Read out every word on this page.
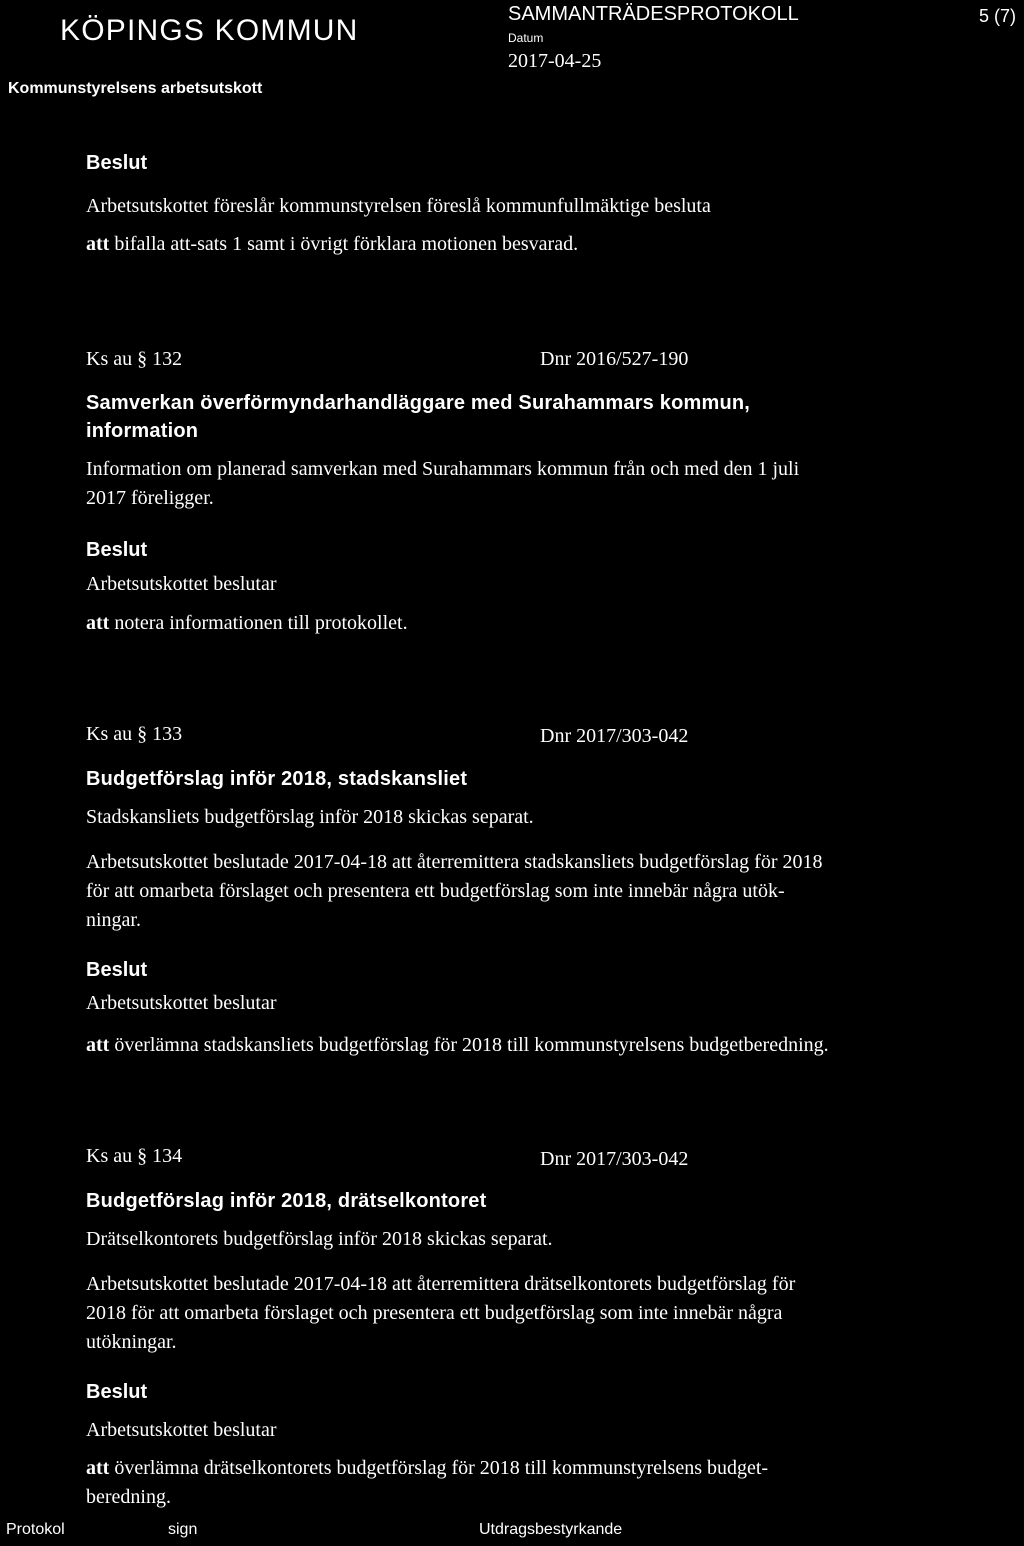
KÖPINGS KOMMUN
Kommunstyrelsens arbetsutskott
SAMMANTRÄDESPROTOKOLL
Datum
2017-04-25
5 (7)
Beslut
Arbetsutskottet föreslår kommunstyrelsen föreslå kommunfullmäktige besluta
att bifalla att-sats 1 samt i övrigt förklara motionen besvarad.
Ks au § 132	Dnr 2016/527-190
Samverkan överförmyndarhandläggare med Surahammars kommun,
information
Information om planerad samverkan med Surahammars kommun från och med den 1 juli
2017 föreligger.
Beslut
Arbetsutskottet beslutar
att notera informationen till protokollet.
Ks au § 133	Dnr 2017/303-042
Budgetförslag inför 2018, stadskansliet
Stadskansliets budgetförslag inför 2018 skickas separat.
Arbetsutskottet beslutade 2017-04-18 att återremittera stadskansliets budgetförslag för 2018
för att omarbeta förslaget och presentera ett budgetförslag som inte innebär några utök-
ningar.
Beslut
Arbetsutskottet beslutar
att överlämna stadskansliets budgetförslag för 2018 till kommunstyrelsens budgetberedning.
Ks au § 134	Dnr 2017/303-042
Budgetförslag inför 2018, drätselkontoret
Drätselkontorets budgetförslag inför 2018 skickas separat.
Arbetsutskottet beslutade 2017-04-18 att återremittera drätselkontorets budgetförslag för
2018 för att omarbeta förslaget och presentera ett budgetförslag som inte innebär några
utökningar.
Beslut
Arbetsutskottet beslutar
att överlämna drätselkontorets budgetförslag för 2018 till kommunstyrelsens budget-
beredning.
Protokol	sign	Utdragsbestyrkande
